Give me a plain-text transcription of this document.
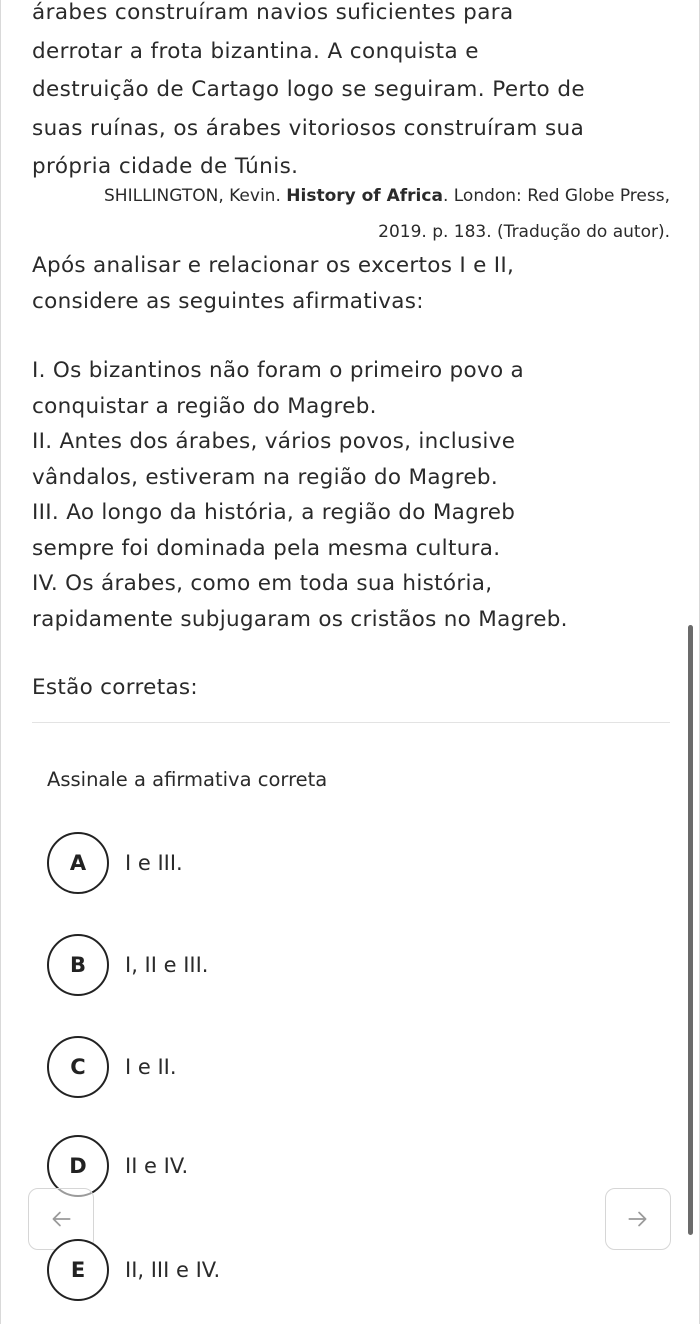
árabes construíram navios suficientes para

derrotar a frota bizantina. A conquista e

destruição de Cartago logo se seguiram. Perto de

suas ruínas, os árabes vitoriosos construíram sua

própria cidade de Túnis.

SHILLINGTON, Kevin. History of Africa. London: Red Globe Press,
2019. p. 183. (Tradução do autor).
Após analisar e relacionar os excertos I e II,
considere as seguintes afirmativas:

I. Os bizantinos não foram o primeiro povo a

conquistar a região do Magreb.

II. Antes dos árabes, vários povos, inclusive

vândalos, estiveram na região do Magreb.

III. Ao longo da história, a região do Magreb

sempre foi dominada pela mesma cultura.

IV. Os árabes, como em toda sua história,

rapidamente subjugaram os cristãos no Magreb.

Estão corretas:
Assinale a afirmativa correta
A	I e III.
B	I, II e III.
C	I e II.
D	II e IV.
E	II, III e IV.
